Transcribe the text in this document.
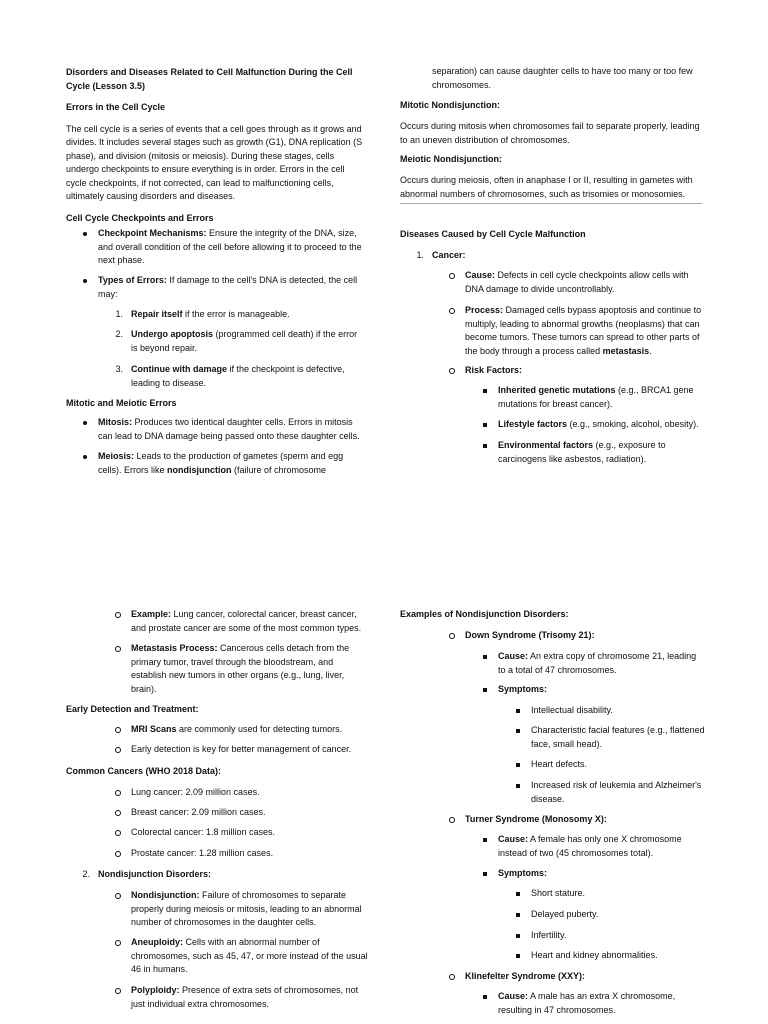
Disorders and Diseases Related to Cell Malfunction During the Cell Cycle (Lesson 3.5)

Errors in the Cell Cycle

The cell cycle is a series of events that a cell goes through as it grows and divides. It includes several stages such as growth (G1), DNA replication (S phase), and division (mitosis or meiosis). During these stages, cells undergo checkpoints to ensure everything is in order. Errors in the cell cycle checkpoints, if not corrected, can lead to malfunctioning cells, ultimately causing disorders and diseases.

Cell Cycle Checkpoints and Errors

Checkpoint Mechanisms: Ensure the integrity of the DNA, size, and overall condition of the cell before allowing it to proceed to the next phase.
Types of Errors: If damage to the cell's DNA is detected, the cell may:
1. Repair itself if the error is manageable.
2. Undergo apoptosis (programmed cell death) if the error is beyond repair.
3. Continue with damage if the checkpoint is defective, leading to disease.
Mitotic and Meiotic Errors
Mitosis: Produces two identical daughter cells. Errors in mitosis can lead to DNA damage being passed onto these daughter cells.
Meiosis: Leads to the production of gametes (sperm and egg cells). Errors like nondisjunction (failure of chromosome
separation) can cause daughter cells to have too many or too few chromosomes.
Mitotic Nondisjunction:
Occurs during mitosis when chromosomes fail to separate properly, leading to an uneven distribution of chromosomes.
Meiotic Nondisjunction:
Occurs during meiosis, often in anaphase I or II, resulting in gametes with abnormal numbers of chromosomes, such as trisomies or monosomies.
Diseases Caused by Cell Cycle Malfunction
1. Cancer:
Cause: Defects in cell cycle checkpoints allow cells with DNA damage to divide uncontrollably.
Process: Damaged cells bypass apoptosis and continue to multiply, leading to abnormal growths (neoplasms) that can become tumors. These tumors can spread to other parts of the body through a process called metastasis.
Risk Factors:
Inherited genetic mutations (e.g., BRCA1 gene mutations for breast cancer).
Lifestyle factors (e.g., smoking, alcohol, obesity).
Environmental factors (e.g., exposure to carcinogens like asbestos, radiation).
Example: Lung cancer, colorectal cancer, breast cancer, and prostate cancer are some of the most common types.
Metastasis Process: Cancerous cells detach from the primary tumor, travel through the bloodstream, and establish new tumors in other organs (e.g., lung, liver, brain).
Early Detection and Treatment:
MRI Scans are commonly used for detecting tumors.
Early detection is key for better management of cancer.
Common Cancers (WHO 2018 Data):
Lung cancer: 2.09 million cases.
Breast cancer: 2.09 million cases.
Colorectal cancer: 1.8 million cases.
Prostate cancer: 1.28 million cases.
2. Nondisjunction Disorders:
Nondisjunction: Failure of chromosomes to separate properly during meiosis or mitosis, leading to an abnormal number of chromosomes in the daughter cells.
Aneuploidy: Cells with an abnormal number of chromosomes, such as 45, 47, or more instead of the usual 46 in humans.
Polyploidy: Presence of extra sets of chromosomes, not just individual extra chromosomes.
Examples of Nondisjunction Disorders:
Down Syndrome (Trisomy 21):
Cause: An extra copy of chromosome 21, leading to a total of 47 chromosomes.
Symptoms:
Intellectual disability.
Characteristic facial features (e.g., flattened face, small head).
Heart defects.
Increased risk of leukemia and Alzheimer's disease.
Turner Syndrome (Monosomy X):
Cause: A female has only one X chromosome instead of two (45 chromosomes total).
Symptoms:
Short stature.
Delayed puberty.
Infertility.
Heart and kidney abnormalities.
Klinefelter Syndrome (XXY):
Cause: A male has an extra X chromosome, resulting in 47 chromosomes.
